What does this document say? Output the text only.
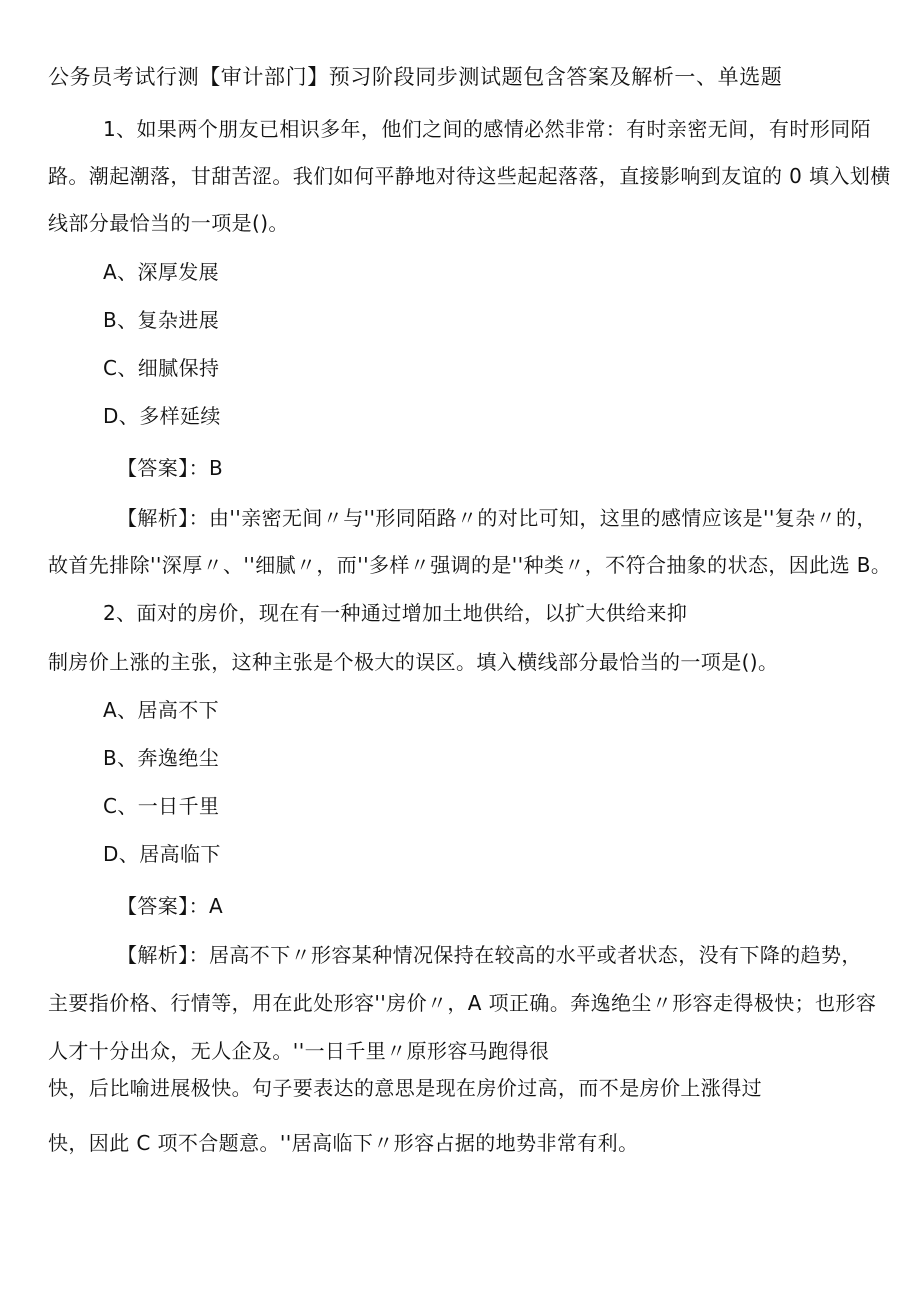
公务员考试行测【审计部门】预习阶段同步测试题包含答案及解析一、单选题
1、如果两个朋友已相识多年，他们之间的感情必然非常：有时亲密无间，有时形同陌
路。潮起潮落，甘甜苦涩。我们如何平静地对待这些起起落落，直接影响到友谊的 0 填入划横
线部分最恰当的一项是()。
A、深厚发展
B、复杂进展
C、细腻保持
D、多样延续
【答案】：B
【解析】：由''亲密无间〃与''形同陌路〃的对比可知，这里的感情应该是''复杂〃的，
故首先排除''深厚〃、''细腻〃，而''多样〃强调的是''种类〃，不符合抽象的状态，因此选 B。
2、面对的房价，现在有一种通过增加土地供给，以扩大供给来抑
制房价上涨的主张，这种主张是个极大的误区。填入横线部分最恰当的一项是()。
A、居高不下
B、奔逸绝尘
C、一日千里
D、居高临下
【答案】：A
【解析】：居高不下〃形容某种情况保持在较高的水平或者状态，没有下降的趋势，
主要指价格、行情等，用在此处形容''房价〃，A 项正确。奔逸绝尘〃形容走得极快；也形容
人才十分出众，无人企及。''一日千里〃原形容马跑得很
快，后比喻进展极快。句子要表达的意思是现在房价过高，而不是房价上涨得过
快，因此 C 项不合题意。''居高临下〃形容占据的地势非常有利。
